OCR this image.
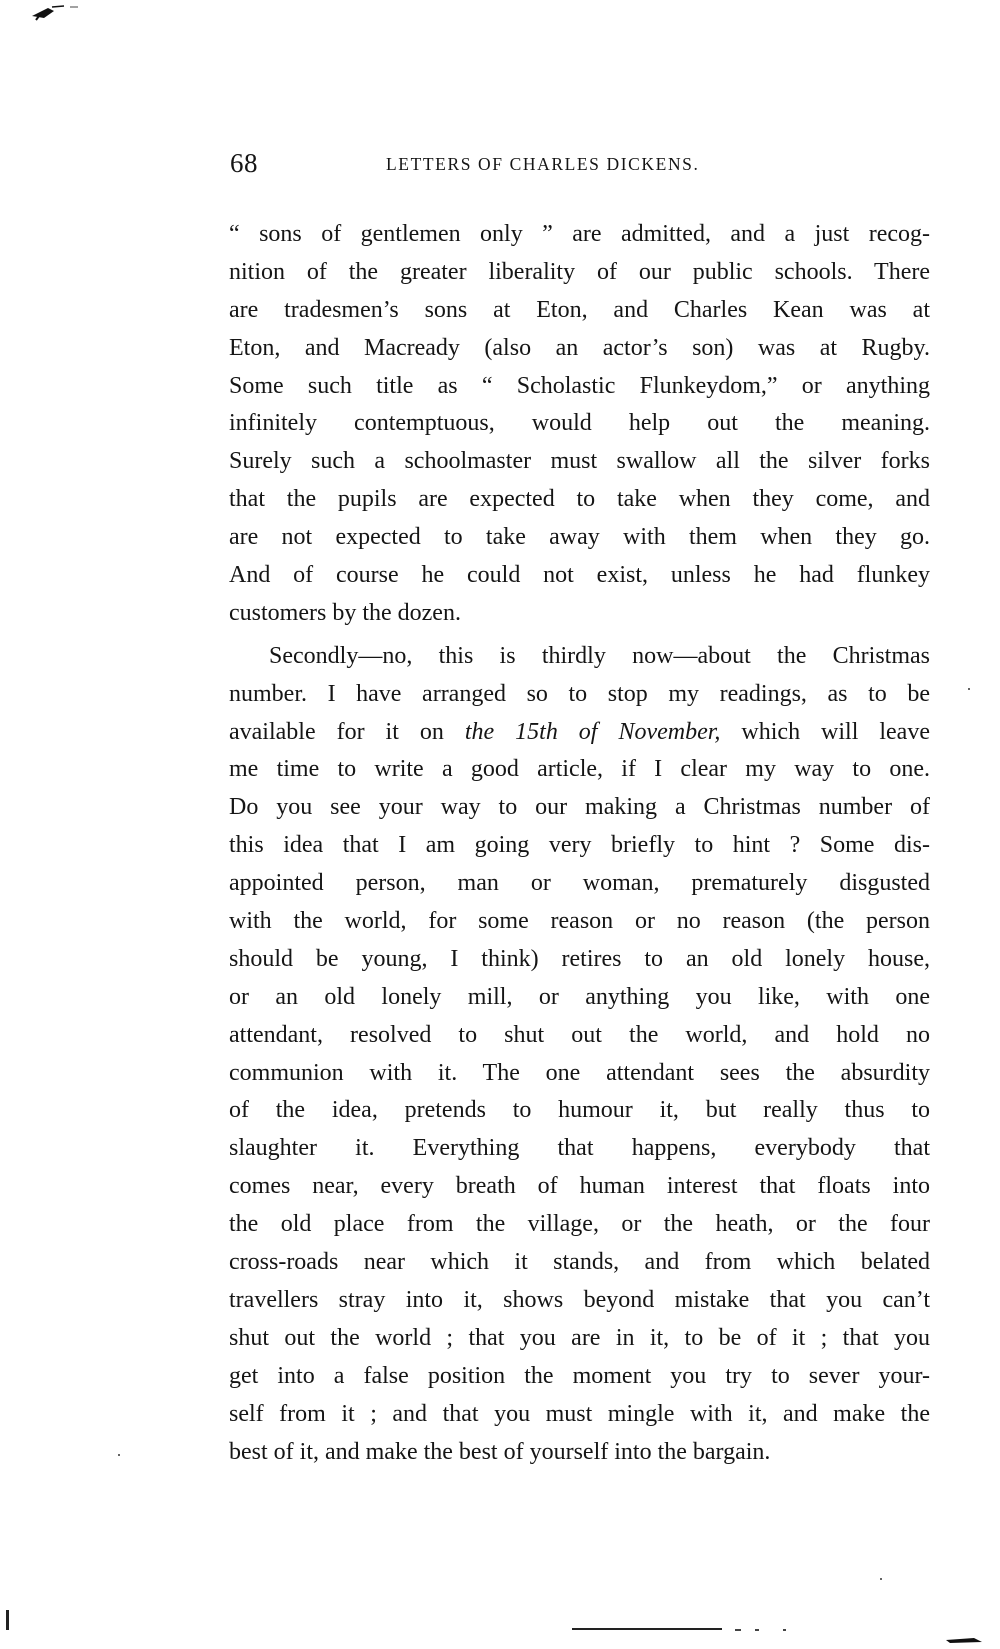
68	LETTERS OF CHARLES DICKENS.
“ sons of gentlemen only ” are admitted, and a just recog-
nition of the greater liberality of our public schools. There
are tradesmen’s sons at Eton, and Charles Kean was at
Eton, and Macready (also an actor’s son) was at Rugby.
Some such title as “ Scholastic Flunkeydom,” or anything
infinitely contemptuous, would help out the meaning.
Surely such a schoolmaster must swallow all the silver forks
that the pupils are expected to take when they come, and
are not expected to take away with them when they go.
And of course he could not exist, unless he had flunkey
customers by the dozen.
Secondly—no, this is thirdly now—about the Christmas
number. I have arranged so to stop my readings, as to be
available for it on the 15th of November, which will leave
me time to write a good article, if I clear my way to one.
Do you see your way to our making a Christmas number of
this idea that I am going very briefly to hint ? Some dis-
appointed person, man or woman, prematurely disgusted
with the world, for some reason or no reason (the person
should be young, I think) retires to an old lonely house,
or an old lonely mill, or anything you like, with one
attendant, resolved to shut out the world, and hold no
communion with it. The one attendant sees the absurdity
of the idea, pretends to humour it, but really thus to
slaughter it. Everything that happens, everybody that
comes near, every breath of human interest that floats into
the old place from the village, or the heath, or the four
cross-roads near which it stands, and from which belated
travellers stray into it, shows beyond mistake that you can’t
shut out the world ; that you are in it, to be of it ; that you
get into a false position the moment you try to sever your-
self from it ; and that you must mingle with it, and make the
best of it, and make the best of yourself into the bargain.
